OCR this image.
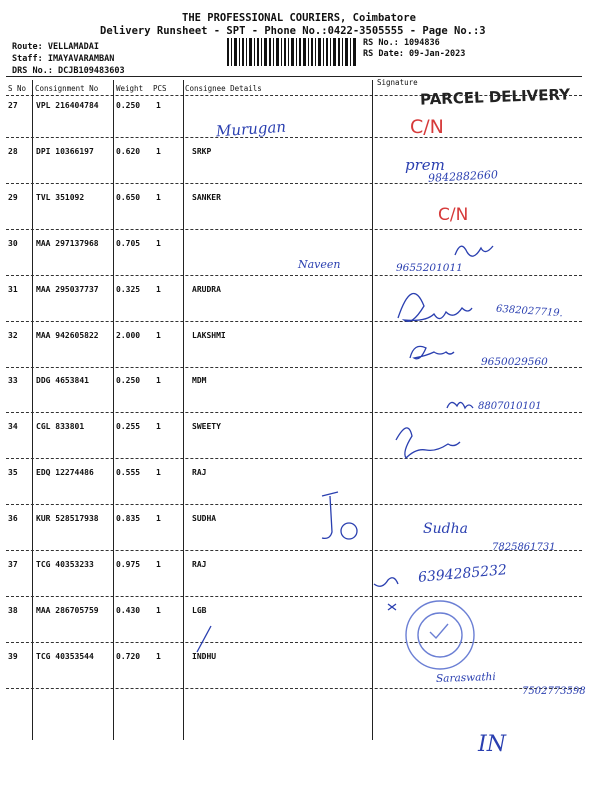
THE PROFESSIONAL COURIERS, Coimbatore
Delivery Runsheet - SPT - Phone No.:0422-3505555 - Page No.:3
Route: VELLAMADAI
Staff: IMAYAVARAMBAN
DRS No.: DCJB109483603
RS No.: 1094836
RS Date: 09-Jan-2023
S No Consignment No Weight PCS Consignee Details
Signature
27 VPL 216404784 0.250 1
28 DPI 10366197	0.620 1	SRKP
29 TVL 351092	0.650 1	SANKER
30 MAA 297137968 0.705 1
31 MAA 295037737 0.325 1	ARUDRA
32 MAA 942605822 2.000 1	LAKSHMI
33 DDG 4653841	0.250 1	MDM
34 CGL 833801	0.255 1	SWEETY
35 EDQ 12274486	0.555 1	RAJ
36 KUR 528517938 0.835 1	SUDHA
37 TCG 40353233	0.975 1	RAJ
38 MAA 286705759 0.430 1	LGB
39 TCG 40353544	0.720 1	INDHU
PARCEL DELIVERY
Murugan	C/N
prem
9842882660
C/N
Naveen	9655201011
6382027719.
9650029560
8807010101
Sudha
7825861731
6394285232
Saraswathi
7502773598
IN
